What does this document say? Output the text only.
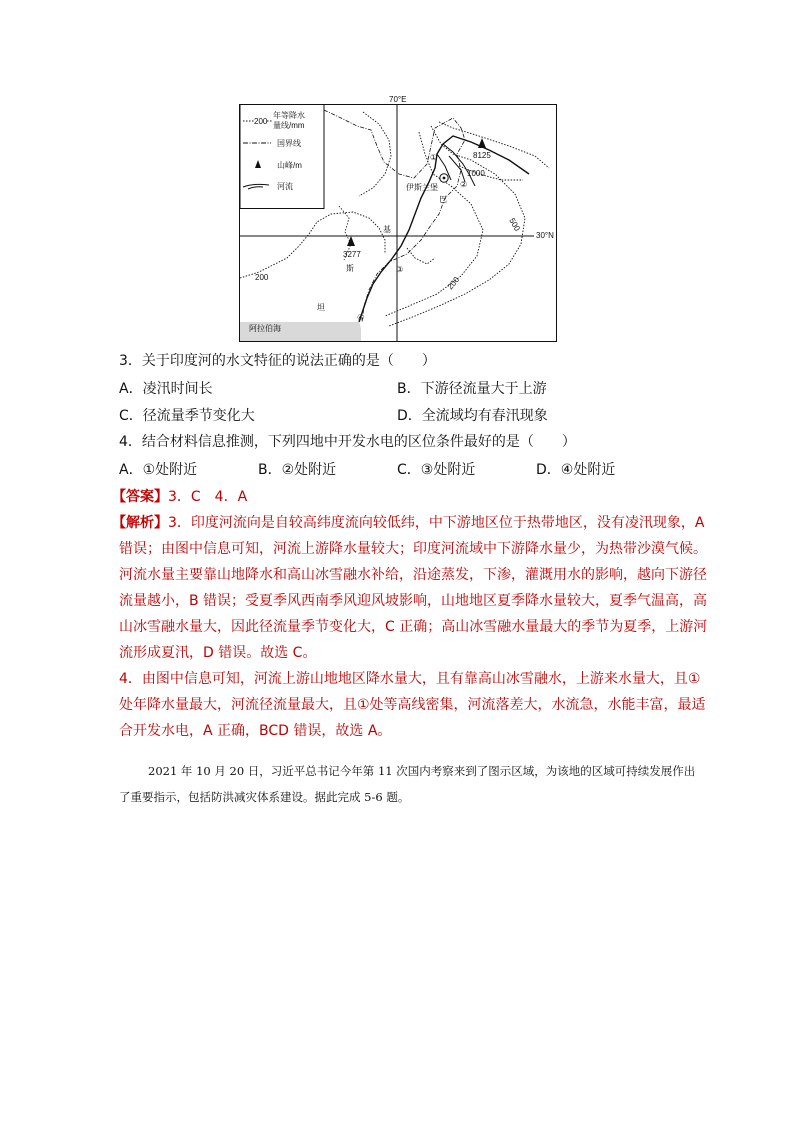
70°E
30°N
200
年等降水
量线/mm
国界线
山峰/m
河流
8125
3277
伊斯兰堡
巴
基
斯
坦
阿拉伯海
1000
500
200
200
①
②
③
④
3．关于印度河的水文特征的说法正确的是（　　）
A．凌汛时间长	B．下游径流量大于上游
C．径流量季节变化大	D．全流域均有春汛现象
4．结合材料信息推测，下列四地中开发水电的区位条件最好的是（　　）
A．①处附近	B．②处附近	C．③处附近	D．④处附近
【答案】3．C　4．A

【解析】3．印度河流向是自较高纬度流向较低纬，中下游地区位于热带地区，没有凌汛现象，A 错误；由图中信息可知，河流上游降水量较大；印度河流域中下游降水量少，为热带沙漠气候。河流水量主要靠山地降水和高山冰雪融水补给，沿途蒸发，下渗，灌溉用水的影响，越向下游径流量越小，B 错误；受夏季风西南季风迎风坡影响，山地地区夏季降水量较大，夏季气温高，高山冰雪融水量大，因此径流量季节变化大，C 正确；高山冰雪融水量最大的季节为夏季，上游河流形成夏汛，D 错误。故选 C。

4．由图中信息可知，河流上游山地地区降水量大，且有靠高山冰雪融水，上游来水量大，且①处年降水量最大，河流径流量最大，且①处等高线密集，河流落差大，水流急，水能丰富，最适合开发水电，A 正确，BCD 错误，故选 A。

2021 年 10 月 20 日，习近平总书记今年第 11 次国内考察来到了图示区域，为该地的区域可持续发展作出了重要指示，包括防洪减灾体系建设。据此完成 5-6 题。
